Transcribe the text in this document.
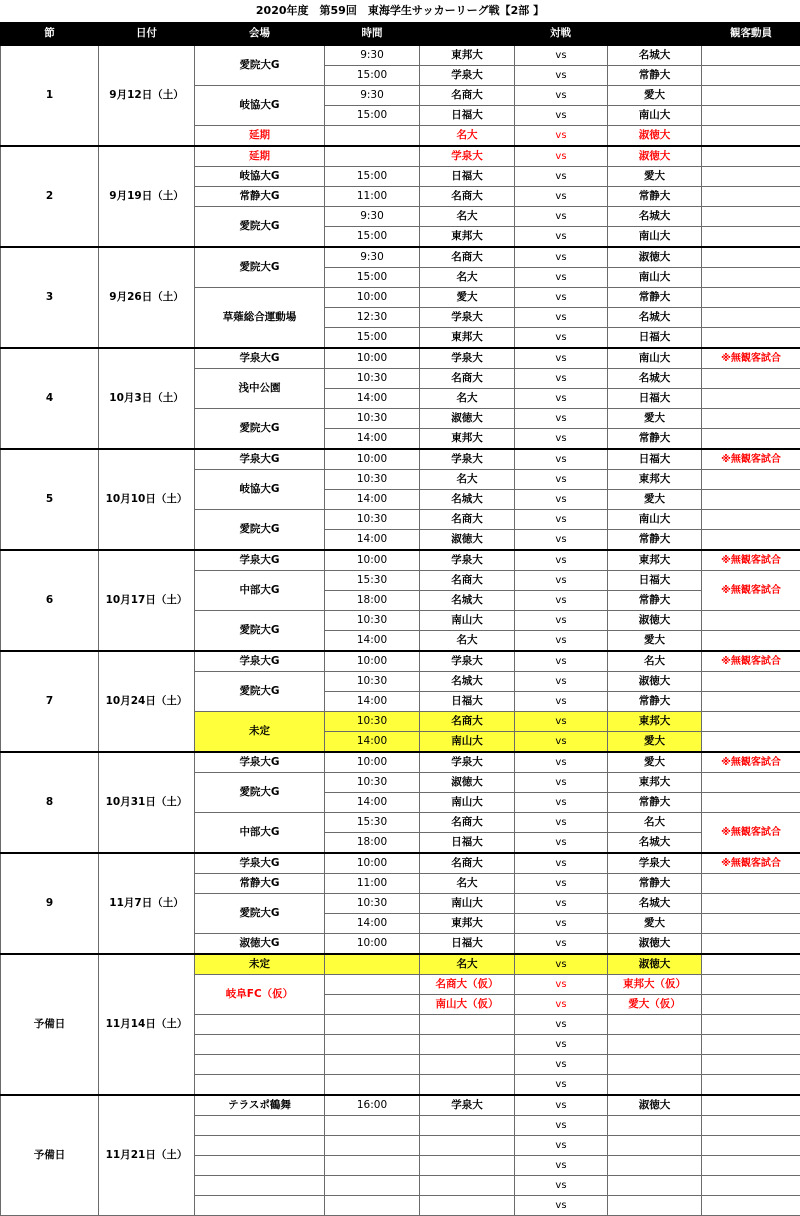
2020年度　第59回　東海学生サッカーリーグ戦【2部 】
節	日付	会場	時間	対戦			観客動員
1	9月12日（土）	愛院大G	9:30	東邦大	vs	名城大	
			15:00	学泉大	vs	常静大	
		岐協大G	9:30	名商大	vs	愛大	
			15:00	日福大	vs	南山大	
		延期		名大	vs	淑徳大	
2	9月19日（土）	延期		学泉大	vs	淑徳大	
		岐協大G	15:00	日福大	vs	愛大	
		常静大G	11:00	名商大	vs	常静大	
		愛院大G	9:30	名大	vs	名城大	
			15:00	東邦大	vs	南山大	
3	9月26日（土）	愛院大G	9:30	名商大	vs	淑徳大	
			15:00	名大	vs	南山大	
		草薙総合運動場	10:00	愛大	vs	常静大	
			12:30	学泉大	vs	名城大	
			15:00	東邦大	vs	日福大	
4	10月3日（土）	学泉大G	10:00	学泉大	vs	南山大	※無観客試合
		浅中公園	10:30	名商大	vs	名城大	
			14:00	名大	vs	日福大	
		愛院大G	10:30	淑徳大	vs	愛大	
			14:00	東邦大	vs	常静大	
5	10月10日（土）	学泉大G	10:00	学泉大	vs	日福大	※無観客試合
		岐協大G	10:30	名大	vs	東邦大	
			14:00	名城大	vs	愛大	
		愛院大G	10:30	名商大	vs	南山大	
			14:00	淑徳大	vs	常静大	
6	10月17日（土）	学泉大G	10:00	学泉大	vs	東邦大	※無観客試合
		中部大G	15:30	名商大	vs	日福大	※無観客試合
			18:00	名城大	vs	常静大	
		愛院大G	10:30	南山大	vs	淑徳大	
			14:00	名大	vs	愛大	
7	10月24日（土）	学泉大G	10:00	学泉大	vs	名大	※無観客試合
		愛院大G	10:30	名城大	vs	淑徳大	
			14:00	日福大	vs	常静大	
		未定	10:30	名商大	vs	東邦大	
			14:00	南山大	vs	愛大	
8	10月31日（土）	学泉大G	10:00	学泉大	vs	愛大	※無観客試合
		愛院大G	10:30	淑徳大	vs	東邦大	
			14:00	南山大	vs	常静大	
		中部大G	15:30	名商大	vs	名大	※無観客試合
			18:00	日福大	vs	名城大	
9	11月7日（土）	学泉大G	10:00	名商大	vs	学泉大	※無観客試合
		常静大G	11:00	名大	vs	常静大	
		愛院大G	10:30	南山大	vs	名城大	
			14:00	東邦大	vs	愛大	
		淑徳大G	10:00	日福大	vs	淑徳大	
予備日	11月14日（土）	未定		名大	vs	淑徳大	
		岐阜FC（仮）		名商大（仮）	vs	東邦大（仮）	
				南山大（仮）	vs	愛大（仮）	
					vs		
					vs		
					vs		
					vs		
予備日	11月21日（土）	テラスポ鶴舞	16:00	学泉大	vs	淑徳大	
					vs		
					vs		
					vs		
					vs		
					vs		
